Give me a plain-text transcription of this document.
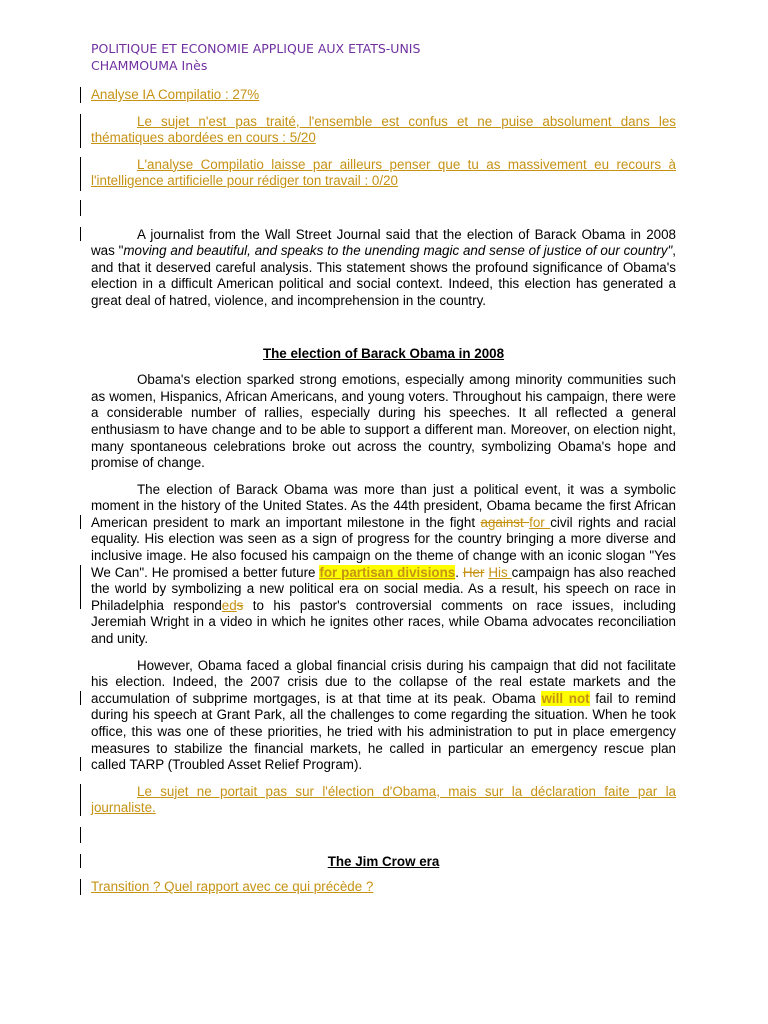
POLITIQUE ET ECONOMIE APPLIQUE AUX ETATS-UNIS
CHAMMOUMA Inès

Analyse IA Compilatio : 27%

Le sujet n'est pas traité, l'ensemble est confus et ne puise absolument dans les thématiques abordées en cours : 5/20

L'analyse Compilatio laisse par ailleurs penser que tu as massivement eu recours à l'intelligence artificielle pour rédiger ton travail : 0/20

A journalist from the Wall Street Journal said that the election of Barack Obama in 2008 was "moving and beautiful, and speaks to the unending magic and sense of justice of our country", and that it deserved careful analysis. This statement shows the profound significance of Obama's election in a difficult American political and social context. Indeed, this election has generated a great deal of hatred, violence, and incomprehension in the country.

The election of Barack Obama in 2008

Obama's election sparked strong emotions, especially among minority communities such as women, Hispanics, African Americans, and young voters. Throughout his campaign, there were a considerable number of rallies, especially during his speeches. It all reflected a general enthusiasm to have change and to be able to support a different man. Moreover, on election night, many spontaneous celebrations broke out across the country, symbolizing Obama's hope and promise of change.

The election of Barack Obama was more than just a political event, it was a symbolic moment in the history of the United States. As the 44th president, Obama became the first African American president to mark an important milestone in the fight against for civil rights and racial equality. His election was seen as a sign of progress for the country bringing a more diverse and inclusive image. He also focused his campaign on the theme of change with an iconic slogan "Yes We Can". He promised a better future for partisan divisions. Her His campaign has also reached the world by symbolizing a new political era on social media. As a result, his speech on race in Philadelphia respondeds to his pastor's controversial comments on race issues, including Jeremiah Wright in a video in which he ignites other races, while Obama advocates reconciliation and unity.

However, Obama faced a global financial crisis during his campaign that did not facilitate his election. Indeed, the 2007 crisis due to the collapse of the real estate markets and the accumulation of subprime mortgages, is at that time at its peak. Obama will not fail to remind during his speech at Grant Park, all the challenges to come regarding the situation. When he took office, this was one of these priorities, he tried with his administration to put in place emergency measures to stabilize the financial markets, he called in particular an emergency rescue plan called TARP (Troubled Asset Relief Program).

Le sujet ne portait pas sur l'élection d'Obama, mais sur la déclaration faite par la journaliste.

The Jim Crow era

Transition ? Quel rapport avec ce qui précède ?
